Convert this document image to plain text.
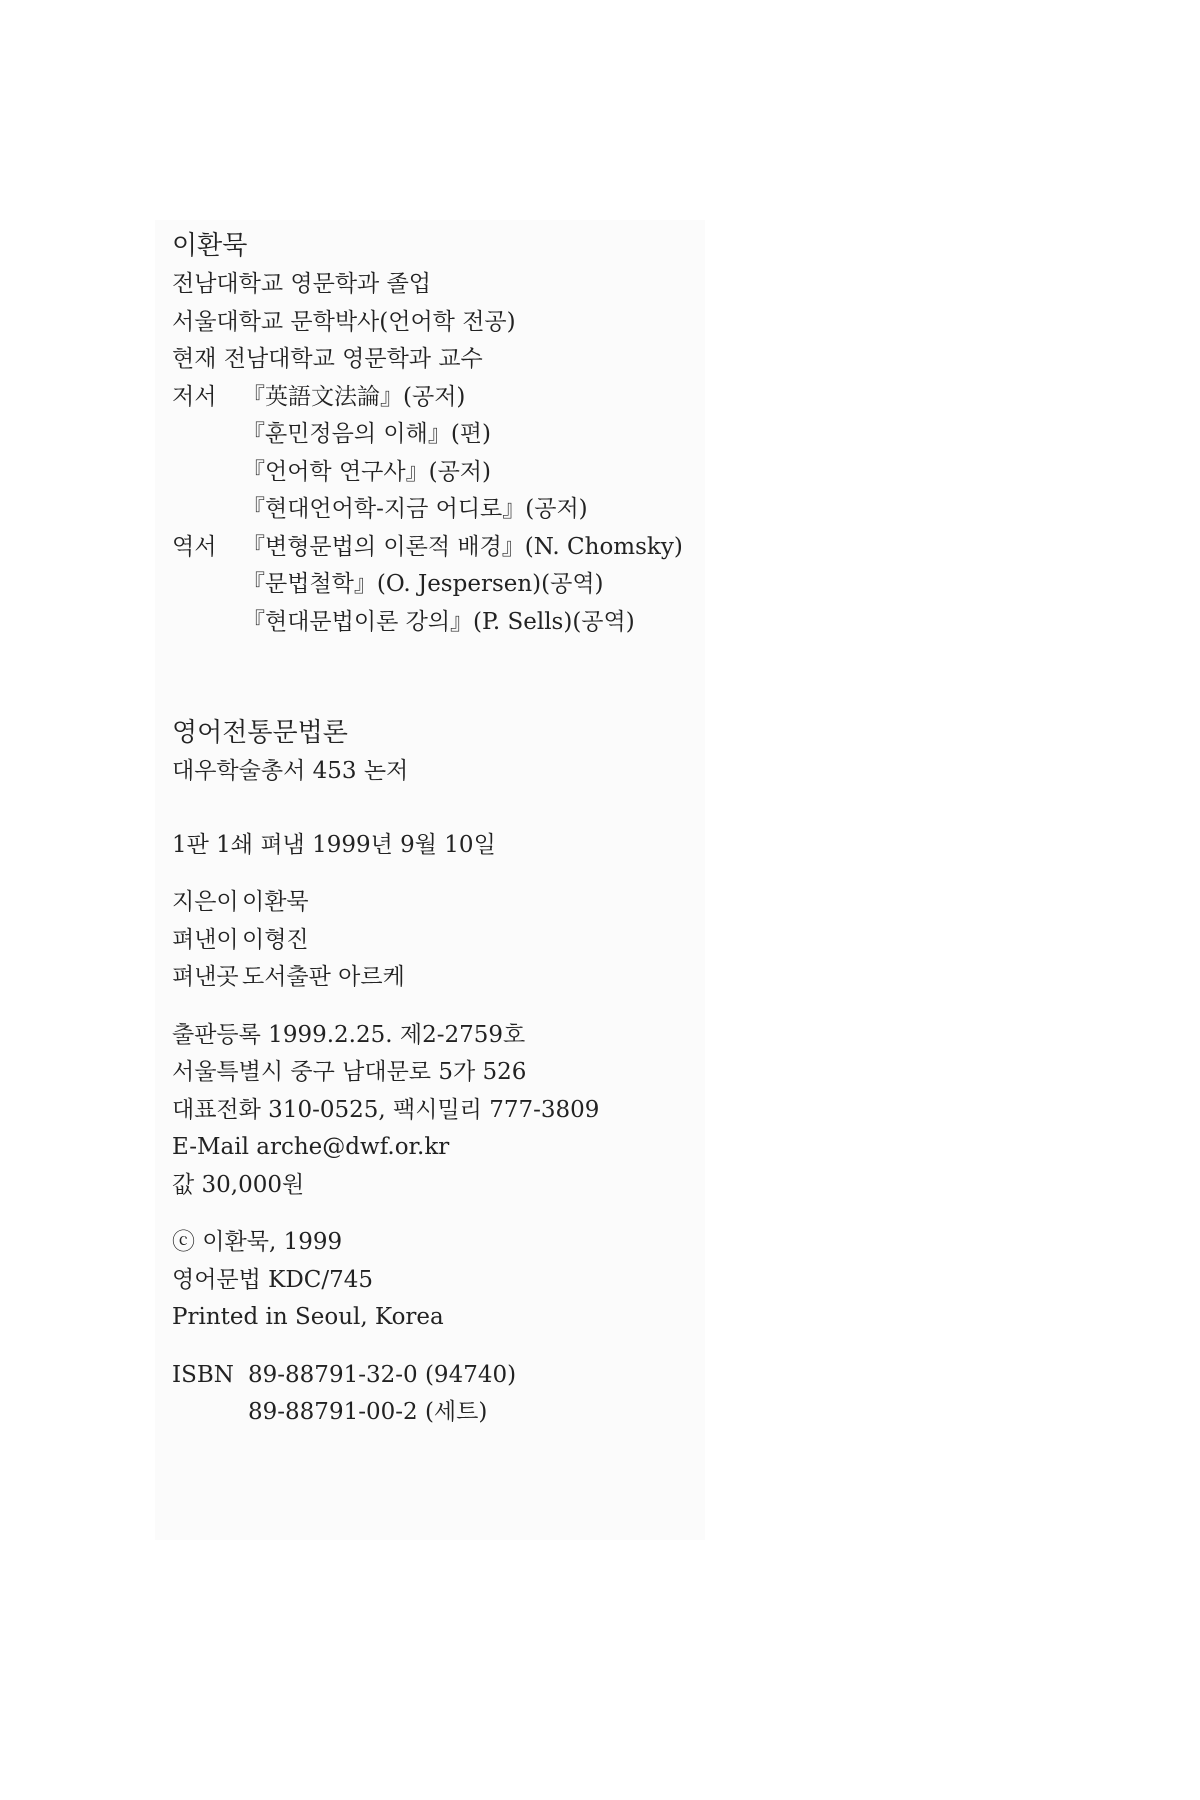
이환묵
전남대학교 영문학과 졸업
서울대학교 문학박사(언어학 전공)
현재 전남대학교 영문학과 교수
저서	『英語文法論』(공저)
『훈민정음의 이해』(편)
『언어학 연구사』(공저)
『현대언어학-지금 어디로』(공저)
역서	『변형문법의 이론적 배경』(N. Chomsky)
『문법철학』(O. Jespersen)(공역)
『현대문법이론 강의』(P. Sells)(공역)
영어전통문법론
대우학술총서 453 논저
1판 1쇄 펴냄 1999년 9월 10일
지은이 이환묵
펴낸이 이형진
펴낸곳 도서출판 아르케
출판등록 1999.2.25. 제2-2759호
서울특별시 중구 남대문로 5가 526
대표전화 310-0525, 팩시밀리 777-3809
E-Mail arche@dwf.or.kr
값 30,000원
ⓒ 이환묵, 1999
영어문법 KDC/745
Printed in Seoul, Korea
ISBN 89-88791-32-0 (94740)
89-88791-00-2 (세트)
